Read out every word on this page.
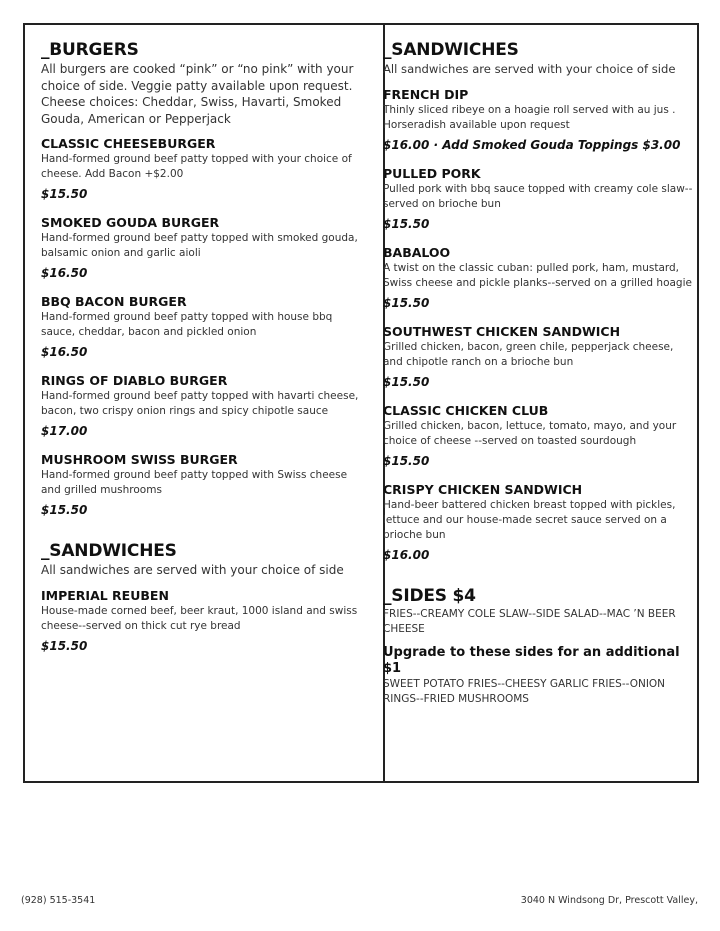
_BURGERS

All burgers are cooked “pink” or “no pink” with your choice of side. Veggie patty available upon request. Cheese choices: Cheddar, Swiss, Havarti, Smoked Gouda, American or Pepperjack

CLASSIC CHEESEBURGER
Hand-formed ground beef patty topped with your choice of cheese. Add Bacon +$2.00
$15.50
SMOKED GOUDA BURGER
Hand-formed ground beef patty topped with smoked gouda, balsamic onion and garlic aioli
$16.50
BBQ BACON BURGER
Hand-formed ground beef patty topped with house bbq sauce, cheddar, bacon and pickled onion
$16.50
RINGS OF DIABLO BURGER
Hand-formed ground beef patty topped with havarti cheese, bacon, two crispy onion rings and spicy chipotle sauce
$17.00
MUSHROOM SWISS BURGER
Hand-formed ground beef patty topped with Swiss cheese and grilled mushrooms
$15.50
_SANDWICHES

All sandwiches are served with your choice of side

IMPERIAL REUBEN
House-made corned beef, beer kraut, 1000 island and swiss cheese--served on thick cut rye bread
$15.50
_SANDWICHES

All sandwiches are served with your choice of side

FRENCH DIP
Thinly sliced ribeye on a hoagie roll served with au jus . Horseradish available upon request
$16.00 · Add Smoked Gouda Toppings $3.00
PULLED PORK
Pulled pork with bbq sauce topped with creamy cole slaw--served on brioche bun
$15.50
BABALOO
A twist on the classic cuban: pulled pork, ham, mustard, Swiss cheese and pickle planks--served on a grilled hoagie
$15.50
SOUTHWEST CHICKEN SANDWICH
Grilled chicken, bacon, green chile, pepperjack cheese, and chipotle ranch on a brioche bun
$15.50
CLASSIC CHICKEN CLUB
Grilled chicken, bacon, lettuce, tomato, mayo, and your choice of cheese --served on toasted sourdough
$15.50
CRISPY CHICKEN SANDWICH
Hand-beer battered chicken breast topped with pickles, lettuce and our house-made secret sauce served on a brioche bun
$16.00
_SIDES $4

FRIES--CREAMY COLE SLAW--SIDE SALAD--MAC ’N BEER CHEESE

Upgrade to these sides for an additional $1

SWEET POTATO FRIES--CHEESY GARLIC FRIES--ONION RINGS--FRIED MUSHROOMS

(928) 515-3541	3040 N Windsong Dr, Prescott Valley,
